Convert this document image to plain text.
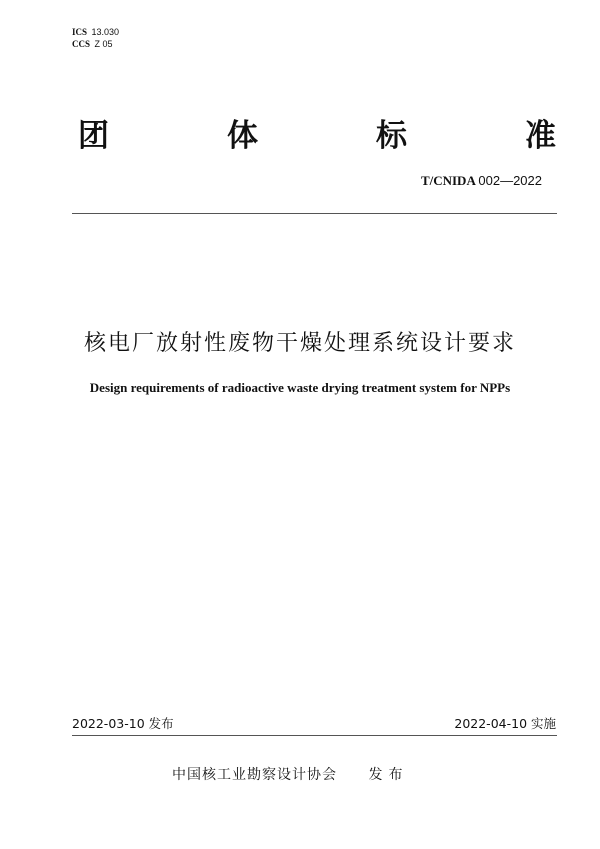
ICS 13.030
CCS Z 05
团	体	标	准
T/CNIDA 002—2022
核电厂放射性废物干燥处理系统设计要求
Design requirements of radioactive waste drying treatment system for NPPs
2022-03-10 发布	2022-04-10 实施
中国核工业勘察设计协会 发布
